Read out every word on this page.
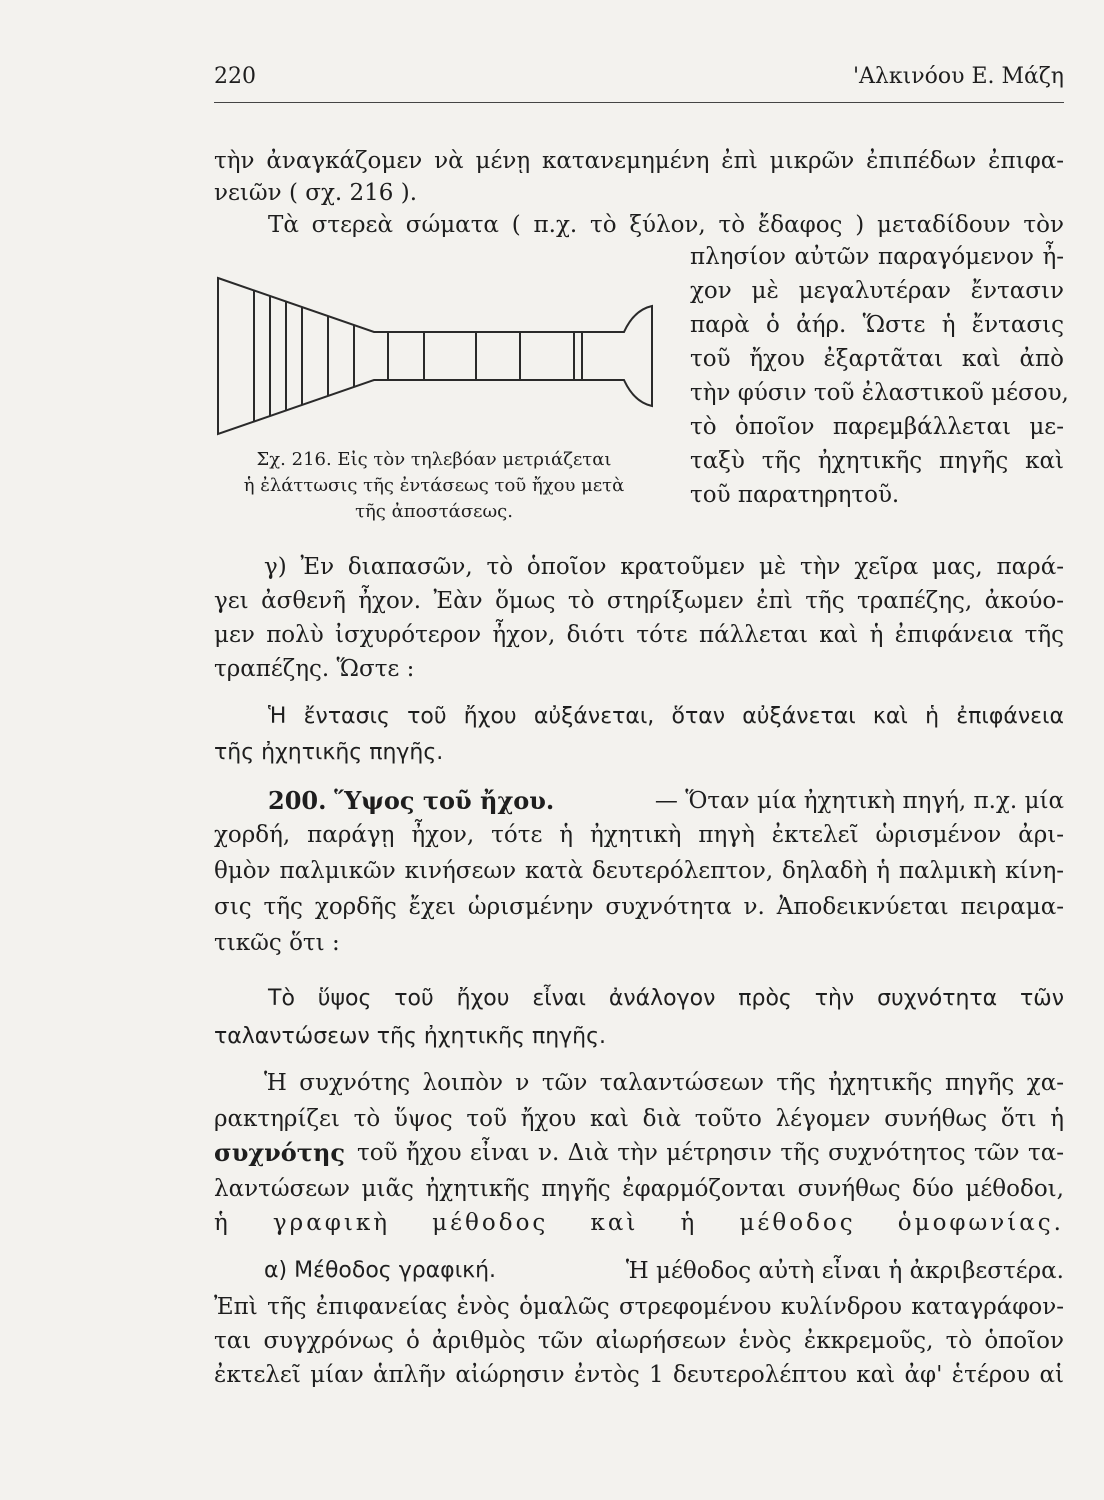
220	'Αλκινόου Ε. Μάζη
τὴν ἀναγκάζομεν νὰ μένῃ κατανεμημένη ἐπὶ μικρῶν ἐπιπέδων ἐπιφα-
νειῶν ( σχ. 216 ).
Τὰ στερεὰ σώματα ( π.χ. τὸ ξύλον, τὸ ἔδαφος ) μεταδίδουν τὸν
Σχ. 216. Εἰς τὸν τηλεβόαν μετριάζεται
ἡ ἐλάττωσις τῆς ἐντάσεως τοῦ ἤχου μετὰ
τῆς ἀποστάσεως.
πλησίον αὐτῶν παραγόμενον ἦ-
χον μὲ μεγαλυτέραν ἔντασιν
παρὰ ὁ ἀήρ. Ὥστε ἡ ἔντασις
τοῦ ἤχου ἐξαρτᾶται καὶ ἀπὸ
τὴν φύσιν τοῦ ἐλαστικοῦ μέσου,
τὸ ὁποῖον παρεμβάλλεται με-
ταξὺ τῆς ἠχητικῆς πηγῆς καὶ
τοῦ παρατηρητοῦ.
γ) Ἐν διαπασῶν, τὸ ὁποῖον κρατοῦμεν μὲ τὴν χεῖρα μας, παρά-
γει ἀσθενῆ ἦχον. Ἐὰν ὅμως τὸ στηρίξωμεν ἐπὶ τῆς τραπέζης, ἀκούο-
μεν πολὺ ἰσχυρότερον ἦχον, διότι τότε πάλλεται καὶ ἡ ἐπιφάνεια τῆς
τραπέζης. Ὥστε :
Ἡ ἔντασις τοῦ ἤχου αὐξάνεται, ὅταν αὐξάνεται καὶ ἡ ἐπιφάνεια
τῆς ἠχητικῆς πηγῆς.
200. Ὕψος τοῦ ἤχου.	— Ὅταν μία ἠχητικὴ πηγή, π.χ. μία
χορδή, παράγῃ ἦχον, τότε ἡ ἠχητικὴ πηγὴ ἐκτελεῖ ὡρισμένον ἀρι-
θμὸν παλμικῶν κινήσεων κατὰ δευτερόλεπτον, δηλαδὴ ἡ παλμικὴ κίνη-
σις τῆς χορδῆς ἔχει ὡρισμένην συχνότητα ν. Ἀποδεικνύεται πειραμα-
τικῶς ὅτι :
Τὸ ὕψος τοῦ ἤχου εἶναι ἀνάλογον πρὸς τὴν συχνότητα τῶν
ταλαντώσεων τῆς ἠχητικῆς πηγῆς.
Ἡ συχνότης λοιπὸν ν τῶν ταλαντώσεων τῆς ἠχητικῆς πηγῆς χα-
ρακτηρίζει τὸ ὕψος τοῦ ἤχου καὶ διὰ τοῦτο λέγομεν συνήθως ὅτι ἡ
συχνότης τοῦ ἤχου εἶναι ν. Διὰ τὴν μέτρησιν τῆς συχνότητος τῶν τα-
λαντώσεων μιᾶς ἠχητικῆς πηγῆς ἐφαρμόζονται συνήθως δύο μέθοδοι,
ἡ γραφικὴ μέθοδος καὶ ἡ μέθοδος ὁμοφωνίας.
α) Μέθοδος γραφική.	Ἡ μέθοδος αὐτὴ εἶναι ἡ ἀκριβεστέρα.
Ἐπὶ τῆς ἐπιφανείας ἑνὸς ὁμαλῶς στρεφομένου κυλίνδρου καταγράφον-
ται συγχρόνως ὁ ἀριθμὸς τῶν αἰωρήσεων ἑνὸς ἐκκρεμοῦς, τὸ ὁποῖον
ἐκτελεῖ μίαν ἁπλῆν αἰώρησιν ἐντὸς 1 δευτερολέπτου καὶ ἀφ' ἑτέρου αἱ
